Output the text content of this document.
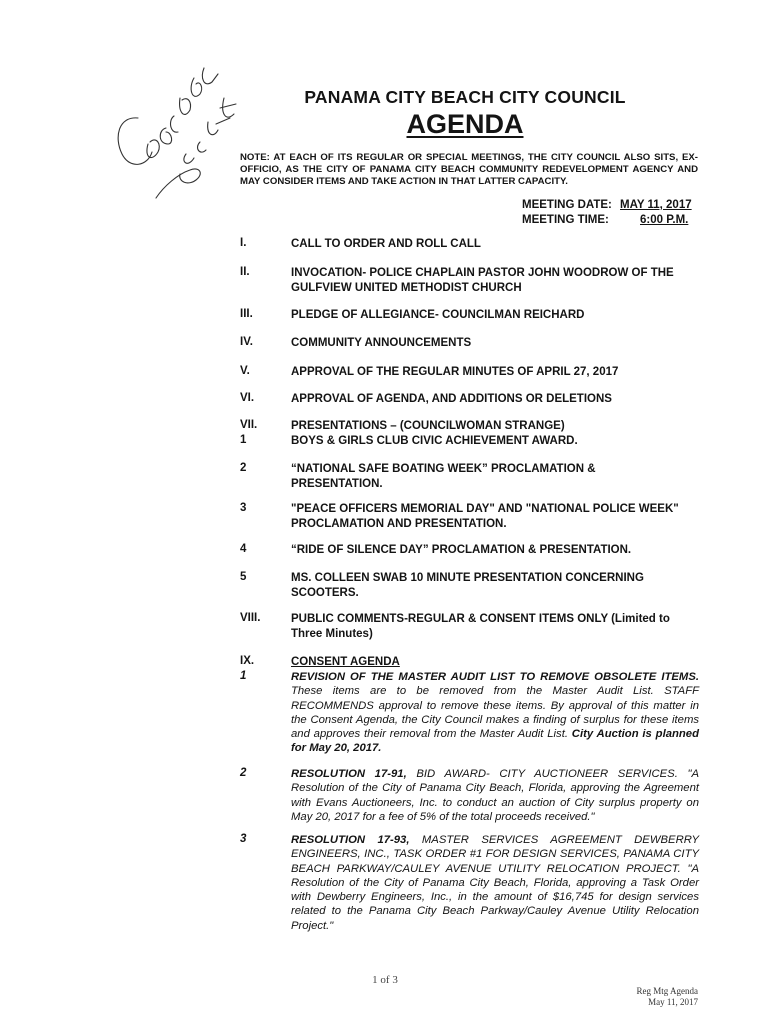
PANAMA CITY BEACH CITY COUNCIL
AGENDA
NOTE: AT EACH OF ITS REGULAR OR SPECIAL MEETINGS, THE CITY COUNCIL ALSO SITS, EX-OFFICIO, AS THE CITY OF PANAMA CITY BEACH COMMUNITY REDEVELOPMENT AGENCY AND MAY CONSIDER ITEMS AND TAKE ACTION IN THAT LATTER CAPACITY.
MEETING DATE: MAY 11, 2017
MEETING TIME:	6:00 P.M.
I.	CALL TO ORDER AND ROLL CALL
II.	INVOCATION- POLICE CHAPLAIN PASTOR JOHN WOODROW OF THE GULFVIEW UNITED METHODIST CHURCH
III.	PLEDGE OF ALLEGIANCE- COUNCILMAN REICHARD
IV.	COMMUNITY ANNOUNCEMENTS
V.	APPROVAL OF THE REGULAR MINUTES OF APRIL 27, 2017
VI.	APPROVAL OF AGENDA, AND ADDITIONS OR DELETIONS
VII.	PRESENTATIONS – (COUNCILWOMAN STRANGE)
1	BOYS & GIRLS CLUB CIVIC ACHIEVEMENT AWARD.
2	“NATIONAL SAFE BOATING WEEK” PROCLAMATION & PRESENTATION.
3	"PEACE OFFICERS MEMORIAL DAY" AND "NATIONAL POLICE WEEK" PROCLAMATION AND PRESENTATION.
4	“RIDE OF SILENCE DAY” PROCLAMATION & PRESENTATION.
5	MS. COLLEEN SWAB 10 MINUTE PRESENTATION CONCERNING SCOOTERS.
VIII.	PUBLIC COMMENTS-REGULAR & CONSENT ITEMS ONLY (Limited to Three Minutes)
IX.	CONSENT AGENDA
1	REVISION OF THE MASTER AUDIT LIST TO REMOVE OBSOLETE ITEMS. These items are to be removed from the Master Audit List. STAFF RECOMMENDS approval to remove these items. By approval of this matter in the Consent Agenda, the City Council makes a finding of surplus for these items and approves their removal from the Master Audit List. City Auction is planned for May 20, 2017.
2	RESOLUTION 17-91, BID AWARD- CITY AUCTIONEER SERVICES. "A Resolution of the City of Panama City Beach, Florida, approving the Agreement with Evans Auctioneers, Inc. to conduct an auction of City surplus property on May 20, 2017 for a fee of 5% of the total proceeds received."
3	RESOLUTION 17-93, MASTER SERVICES AGREEMENT DEWBERRY ENGINEERS, INC., TASK ORDER #1 FOR DESIGN SERVICES, PANAMA CITY BEACH PARKWAY/CAULEY AVENUE UTILITY RELOCATION PROJECT. "A Resolution of the City of Panama City Beach, Florida, approving a Task Order with Dewberry Engineers, Inc., in the amount of $16,745 for design services related to the Panama City Beach Parkway/Cauley Avenue Utility Relocation Project."
1 of 3
Reg Mtg Agenda
May 11, 2017
